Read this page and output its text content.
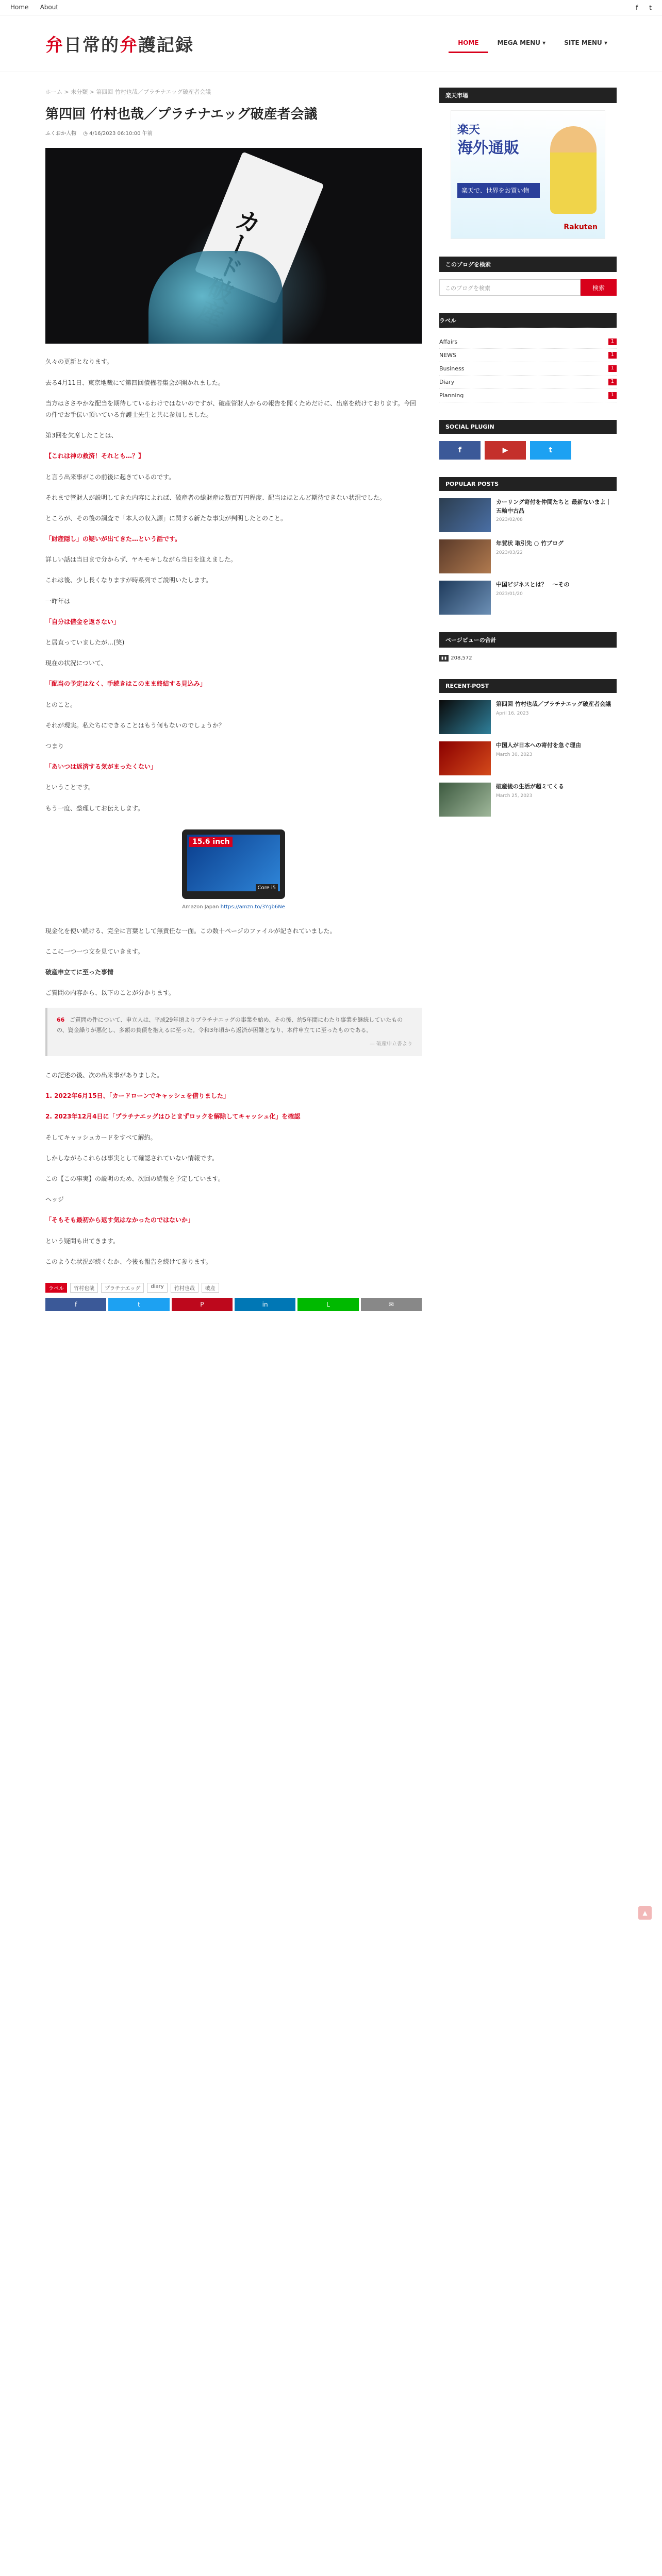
Home About	f t
弁日常的弁護記録	HOME	MEGA MENU ▾	SITE MENU ▾
ホーム > 未分類 > 第四回 竹村也哉／プラチナエッグ破産者会議
第四回 竹村也哉／プラチナエッグ破産者会議
ふくおか人物 ◷ 4/16/2023 06:10:00 午前

久々の更新となります。

去る4月11日、東京地裁にて第四回債権者集会が開かれました。

当方はささやかな配当を期待しているわけではないのですが、破産管財人からの報告を聞くためだけに、出席を続けております。今回の件でお手伝い頂いている弁護士先生と共に参加しました。

第3回を欠席したことは、

【これは神の救済！それとも…？】

と言う出来事がこの前後に起きているのです。

それまで管財人が説明してきた内容によれば、破産者の総財産は数百万円程度、配当はほとんど期待できない状況でした。

ところが、その後の調査で「本人の収入源」に関する新たな事実が判明したとのこと。

「財産隠し」の疑いが出てきた…という話です。

詳しい話は当日まで分からず、ヤキモキしながら当日を迎えました。

これは後、少し長くなりますが時系列でご説明いたします。

一昨年は

「自分は借金を返さない」

と居直っていましたが…(笑)

現在の状況について、

「配当の予定はなく、手続きはこのまま終結する見込み」

とのこと。

それが現実。私たちにできることはもう何もないのでしょうか？

つまり

「あいつは返済する気がまったくない」

ということです。

もう一度、整理してお伝えします。

15.6 inch
Core i5
Amazon Japan https://amzn.to/3Ygb6Ne

現金化を使い続ける、完全に言葉として無責任な一面。この数十ページのファイルが記されていました。

ここに一つ一つ文を見ていきます。

破産申立てに至った事情

ご質問の内容から、以下のことが分かります。

66 ご質問の件について、申立人は、平成29年頃よりプラチナエッグの事業を始め、その後、約5年間にわたり事業を継続していたものの、資金繰りが悪化し、多額の負債を抱えるに至った。令和3年頃から返済が困難となり、本件申立てに至ったものである。
— 破産申立書より

この記述の後、次の出来事がありました。

1. 2022年6月15日、「カードローンでキャッシュを借りました」

2. 2023年12月4日に「プラチナエッグはひとまずロックを解除してキャッシュ化」を確認

そしてキャッシュカードをすべて解約。

しかしながらこれらは事実として確認されていない情報です。

この【この事実】の説明のため、次回の続報を予定しています。

ヘッジ

「そもそも最初から返す気はなかったのではないか」

という疑問も出てきます。

このような状況が続くなか、今後も報告を続けて参ります。

ラベル	竹村也哉	プラチナエッグ	diary	竹村也哉	破産
f	t	P	in	L	✉
楽天市場
楽天
海外通販
楽天で、世界をお買い物
Rakuten
このブログを検索
このブログを検索	検索
ラベル
Affairs	1
NEWS	1
Business	1
Diary	1
Planning	1
SOCIAL PLUGIN
f	▶	t
POPULAR POSTS
カーリング寄付を仲間たちと 最新ないまよ｜五輪中古品
2023/02/08
年賀状 取引先 ○ 竹ブログ
2023/03/22
中国ビジネスとは？　～その
2023/01/20
ページビューの合計
▮▮ 208,572
RECENT-POST
第四回 竹村也哉／プラチナエッグ破産者会議
April 16, 2023
中国人が日本への寄付を急ぐ理由
March 30, 2023
破産後の生活が超ミてくる
March 25, 2023
▲
